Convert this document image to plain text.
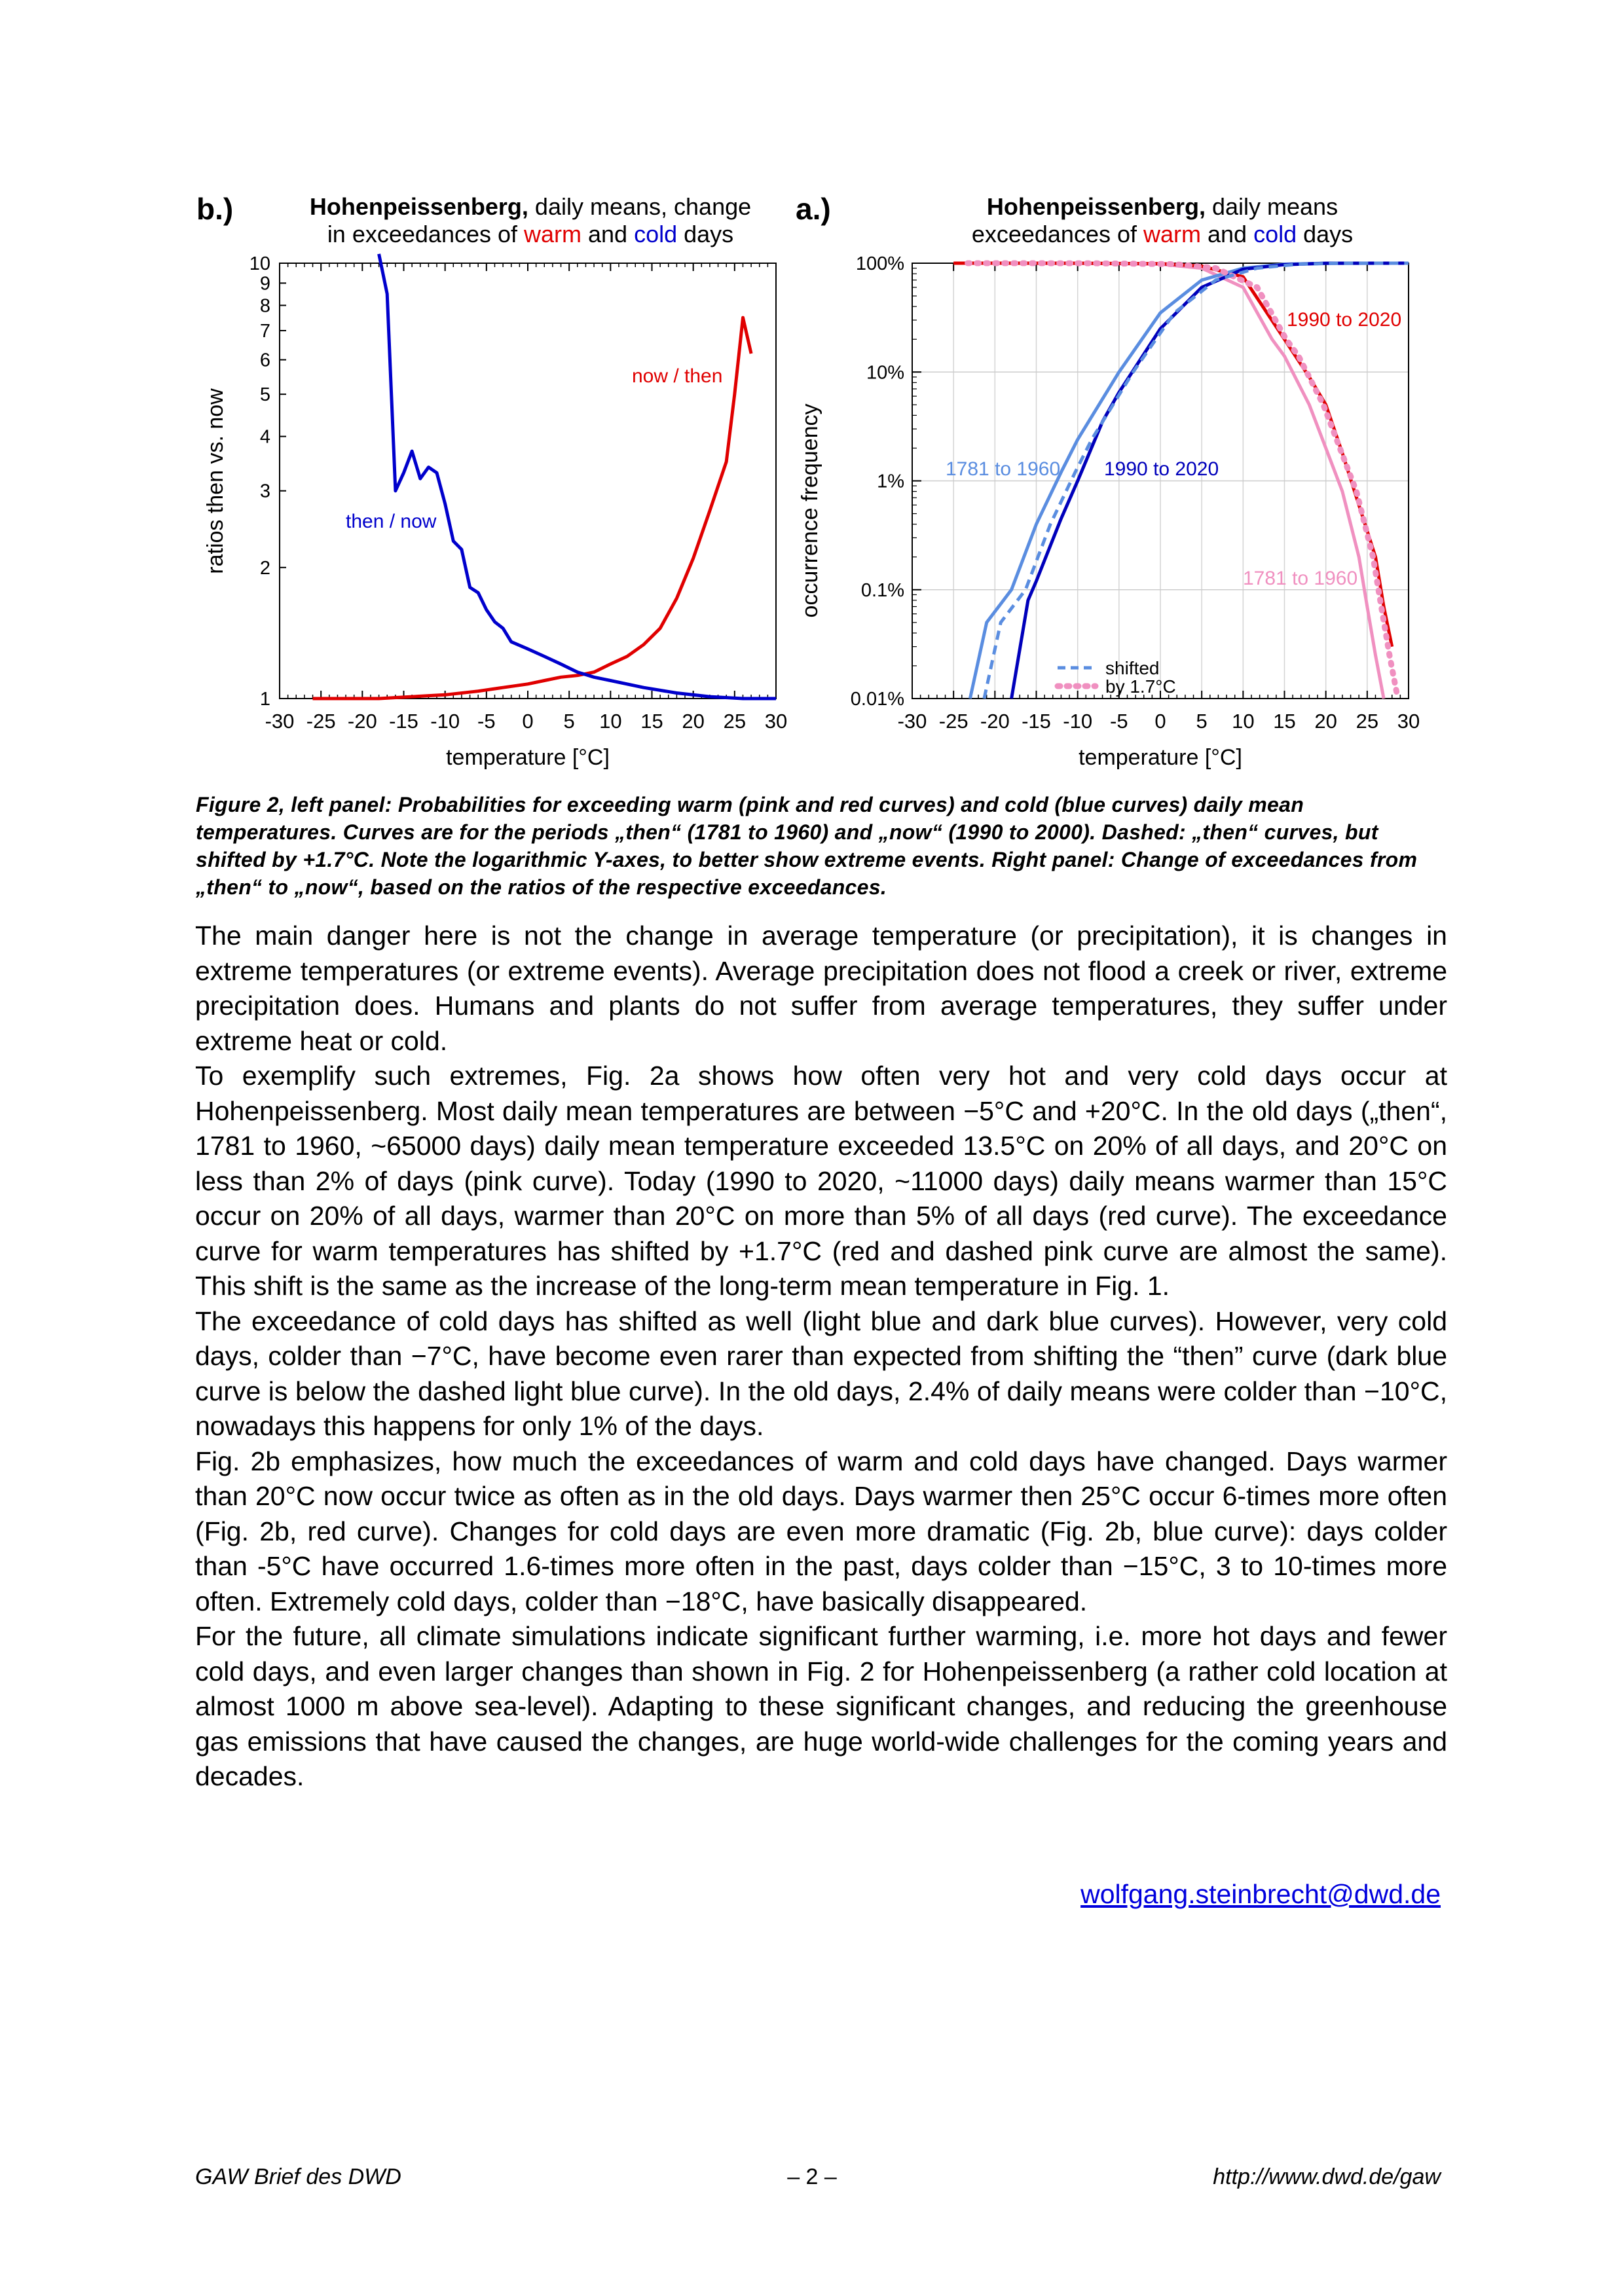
b.)	Hohenpeissenberg, daily means, change
in exceedances of warm and cold days
-30 -25 -20 -15 -10 -5 0 5 10 15 20 25 30
1
2
3
4
5
6
7
8
9
10
now / then
then / now
ratios then vs. now
temperature [°C]
a.)	Hohenpeissenberg, daily means
exceedances of warm and cold days
-30 -25 -20 -15 -10 -5 0 5 10 15 20 25 30
0.01%
0.1%
1%
10%
100%
1990 to 2020
1781 to 1960
1781 to 1960 1990 to 2020
shifted
by 1.7°C
occurrence frequency
temperature [°C]

Figure 2, left panel: Probabilities for exceeding warm (pink and red curves) and cold (blue curves) daily mean temperatures. Curves are for the periods „then“ (1781 to 1960) and „now“ (1990 to 2000). Dashed: „then“ curves, but shifted by +1.7°C. Note the logarithmic Y-axes, to better show extreme events. Right panel: Change of exceedances from „then“ to „now“, based on the ratios of the respective exceedances.

The main danger here is not the change in average temperature (or precipitation), it is changes in extreme temperatures (or extreme events). Average precipitation does not flood a creek or river, extreme precipitation does. Humans and plants do not suffer from average temperatures, they suffer under extreme heat or cold.

To exemplify such extremes, Fig. 2a shows how often very hot and very cold days occur at Hohenpeissenberg. Most daily mean temperatures are between −5°C and +20°C. In the old days („then“, 1781 to 1960, ~65000 days) daily mean temperature exceeded 13.5°C on 20% of all days, and 20°C on less than 2% of days (pink curve). Today (1990 to 2020, ~11000 days) daily means warmer than 15°C occur on 20% of all days, warmer than 20°C on more than 5% of all days (red curve). The exceedance curve for warm temperatures has shifted by +1.7°C (red and dashed pink curve are almost the same). This shift is the same as the increase of the long-term mean temperature in Fig. 1.

The exceedance of cold days has shifted as well (light blue and dark blue curves). However, very cold days, colder than −7°C, have become even rarer than expected from shifting the “then” curve (dark blue curve is below the dashed light blue curve). In the old days, 2.4% of daily means were colder than −10°C, nowadays this happens for only 1% of the days.

Fig. 2b emphasizes, how much the exceedances of warm and cold days have changed. Days warmer than 20°C now occur twice as often as in the old days. Days warmer then 25°C occur 6-times more often (Fig. 2b, red curve). Changes for cold days are even more dramatic (Fig. 2b, blue curve): days colder than -5°C have occurred 1.6-times more often in the past, days colder than −15°C, 3 to 10-times more often. Extremely cold days, colder than −18°C, have basically disappeared.

For the future, all climate simulations indicate significant further warming, i.e. more hot days and fewer cold days, and even larger changes than shown in Fig. 2 for Hohenpeissenberg (a rather cold location at almost 1000 m above sea-level). Adapting to these significant changes, and reducing the greenhouse gas emissions that have caused the changes, are huge world-wide challenges for the coming years and decades.

wolfgang.steinbrecht@dwd.de
GAW Brief des DWD	– 2 –	http://www.dwd.de/gaw
